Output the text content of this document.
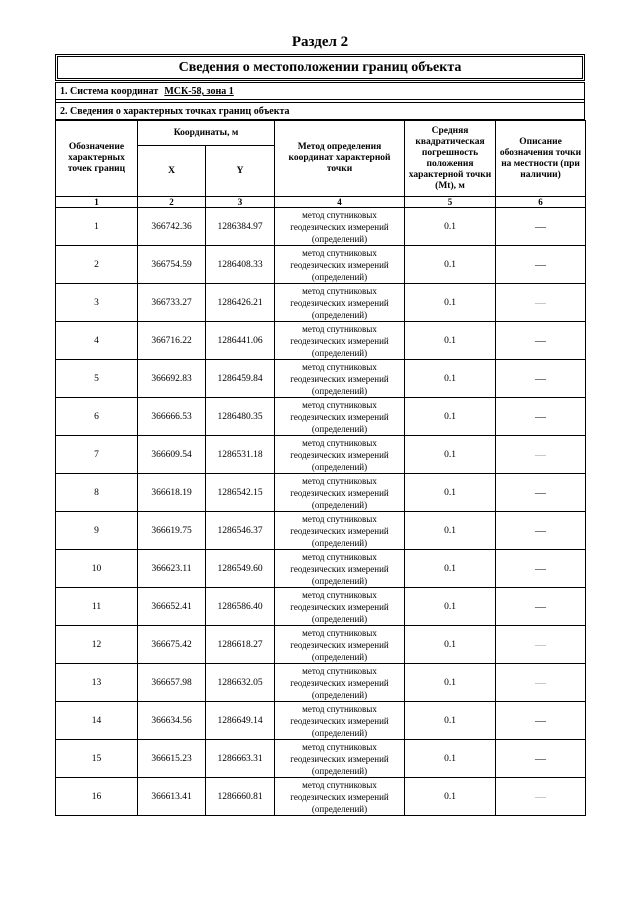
Раздел 2
Сведения о местоположении границ объекта
1. Система координат МСК-58, зона 1
2. Сведения о характерных точках границ объекта
Обозначение характерных точек границ	Координаты, м		Метод определения координат характерной точки	Средняя квадратическая погрешность положения характерной точки (Mt), м	Описание обозначения точки на местности (при наличии)
	X	Y			
1	2	3	4	5	6
1	366742.36	1286384.97	метод спутниковых геодезических измерений (определений)	0.1	—
2	366754.59	1286408.33	метод спутниковых геодезических измерений (определений)	0.1	—
3	366733.27	1286426.21	метод спутниковых геодезических измерений (определений)	0.1	—
4	366716.22	1286441.06	метод спутниковых геодезических измерений (определений)	0.1	—
5	366692.83	1286459.84	метод спутниковых геодезических измерений (определений)	0.1	—
6	366666.53	1286480.35	метод спутниковых геодезических измерений (определений)	0.1	—
7	366609.54	1286531.18	метод спутниковых геодезических измерений (определений)	0.1	—
8	366618.19	1286542.15	метод спутниковых геодезических измерений (определений)	0.1	—
9	366619.75	1286546.37	метод спутниковых геодезических измерений (определений)	0.1	—
10	366623.11	1286549.60	метод спутниковых геодезических измерений (определений)	0.1	—
11	366652.41	1286586.40	метод спутниковых геодезических измерений (определений)	0.1	—
12	366675.42	1286618.27	метод спутниковых геодезических измерений (определений)	0.1	—
13	366657.98	1286632.05	метод спутниковых геодезических измерений (определений)	0.1	—
14	366634.56	1286649.14	метод спутниковых геодезических измерений (определений)	0.1	—
15	366615.23	1286663.31	метод спутниковых геодезических измерений (определений)	0.1	—
16	366613.41	1286660.81	метод спутниковых геодезических измерений (определений)	0.1	—
